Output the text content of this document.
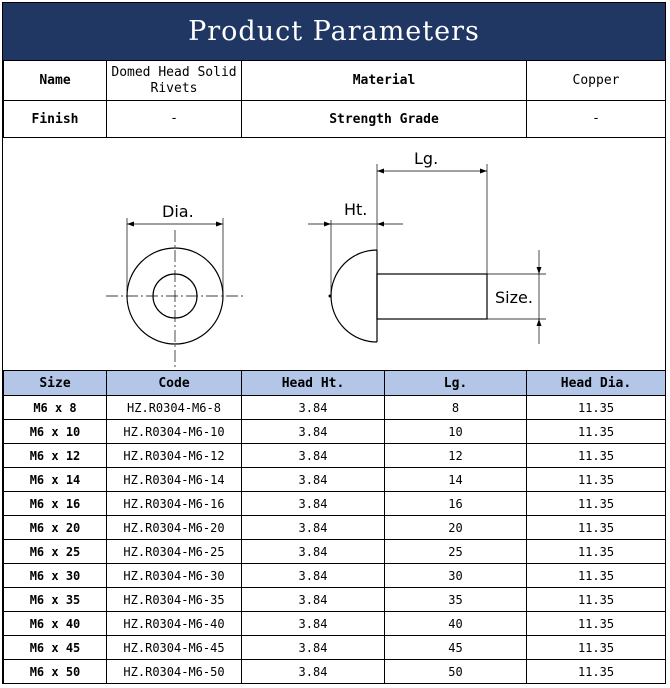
Product Parameters
Name	Domed Head Solid Rivets	Material	Copper
Finish	-	Strength Grade	-
Dia.	Ht.
Lg.
Size.
Size	Code	Head Ht.	Lg.	Head Dia.
M6 x 8	HZ.R0304-M6-8	3.84	8	11.35
M6 x 10	HZ.R0304-M6-10	3.84	10	11.35
M6 x 12	HZ.R0304-M6-12	3.84	12	11.35
M6 x 14	HZ.R0304-M6-14	3.84	14	11.35
M6 x 16	HZ.R0304-M6-16	3.84	16	11.35
M6 x 20	HZ.R0304-M6-20	3.84	20	11.35
M6 x 25	HZ.R0304-M6-25	3.84	25	11.35
M6 x 30	HZ.R0304-M6-30	3.84	30	11.35
M6 x 35	HZ.R0304-M6-35	3.84	35	11.35
M6 x 40	HZ.R0304-M6-40	3.84	40	11.35
M6 x 45	HZ.R0304-M6-45	3.84	45	11.35
M6 x 50	HZ.R0304-M6-50	3.84	50	11.35
